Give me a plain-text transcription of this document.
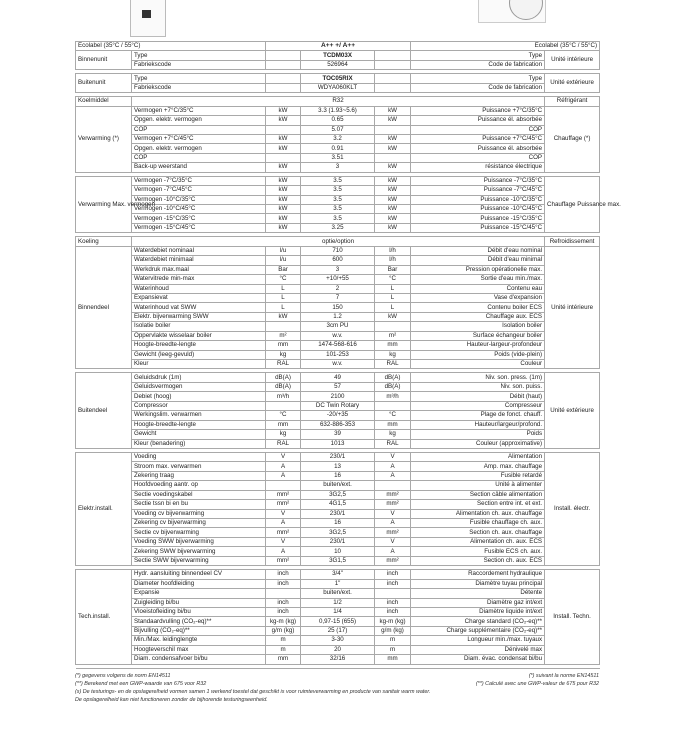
Ecolabel (35°C / 55°C)		A++ +/ A++			Ecolabel (35°C / 55°C)	
Binnenunit	Type		TCDM03X		Type	Unité intérieure
	Fabriekscode		526964		Code de fabrication	

Buitenunit	Type		TOC05RIX		Type	Unité extérieure
	Fabriekscode		WDYA060KLT		Code de fabrication	

Koelmiddel	R32					Réfrigérant
Verwarming (*)	Vermogen +7°C/35°C	kW	3.3 (1.93~5.6)	kW	Puissance +7°C/35°C	Chauffage (*)
	Opgen. elektr. vermogen	kW	0.65	kW	Puissance él. absorbée	
	COP		5.07		COP	
	Vermogen +7°C/45°C	kW	3.2	kW	Puissance +7°C/45°C	
	Opgen. elektr. vermogen	kW	0.91	kW	Puissance él. absorbée	
	COP		3.51		COP	
	Back-up weerstand	kW	3	kW	résistance électrique	

Verwarming Max. vermogen	Vermogen -7°C/35°C	kW	3.5	kW	Puissance -7°C/35°C	Chauffage Puissance max.
	Vermogen -7°C/45°C	kW	3.5	kW	Puissance -7°C/45°C	
	Vermogen -10°C/35°C	kW	3.5	kW	Puissance -10°C/35°C	
	Vermogen -10°C/45°C	kW	3.5	kW	Puissance -10°C/45°C	
	Vermogen -15°C/35°C	kW	3.5	kW	Puissance -15°C/35°C	
	Vermogen -15°C/45°C	kW	3.25	kW	Puissance -15°C/45°C	

Koeling	optie/option					Refroidissement
Binnendeel	Waterdebiet nominaal	l/u	710	l/h	Débit d'eau nominal	Unité intérieure
	Waterdebiet minimaal	l/u	600	l/h	Débit d'eau minimal	
	Werkdruk max.maal	Bar	3	Bar	Pression opérationelle max.	
	Watervitrede min-max	°C	+10/+55	°C	Sortie d'eau min./max.	
	Waterinhoud	L	2	L	Contenu eau	
	Expansievat	L	7	L	Vase d'expansion	
	Waterinhoud vat SWW	L	150	L	Contenu boiler ECS	
	Elektr. bijverwarming SWW	kW	1.2	kW	Chauffage aux. ECS	
	Isolatie boiler		3cm PU		Isolation boiler	
	Oppervlakte wisselaar boiler	m²	w.v.	m²	Surface échangeur boiler	
	Hoogte-breedte-lengte	mm	1474-568-616	mm	Hauteur-largeur-profondeur	
	Gewicht (leeg-gevuld)	kg	101-253	kg	Poids (vide-plein)	
	Kleur	RAL	w.v.	RAL	Couleur	

Buitendeel	Geluidsdruk (1m)	dB(A)	49	dB(A)	Niv. son. press. (1m)	Unité extérieure
	Geluidsvermogen	dB(A)	57	dB(A)	Niv. son. puiss.	
	Debiet (hoog)	m³/h	2100	m³/h	Débit (haut)	
	Compressor		DC Twin Rotary		Compresseur	
	Werkingslim. verwarmen	°C	-20/+35	°C	Plage de fonct. chauff.	
	Hoogte-breedte-lengte	mm	632-886-353	mm	Hauteur/largeur/profond.	
	Gewicht	kg	39	kg	Poids	
	Kleur (benadering)	RAL	1013	RAL	Couleur (approximative)	

Elektr.install.	Voeding	V	230/1	V	Alimentation	Install. électr.
	Stroom max. verwarmen	A	13	A	Amp. max. chauffage	
	Zekering traag	A	16	A	Fusible retardé	
	Hoofdvoeding aantr. op		buiten/ext.		Unité à alimenter	
	Sectie voedingskabel	mm²	3G2,5	mm²	Section câble alimentation	
	Sectie tssn bi en bu	mm²	4G1,5	mm²	Section entre int. et ext.	
	Voeding cv bijverwarming	V	230/1	V	Alimentation ch. aux. chauffage	
	Zekering cv bijverwarming	A	16	A	Fusible chauffage ch. aux.	
	Sectie cv bijverwarming	mm²	3G2,5	mm²	Section ch. aux. chauffage	
	Voeding SWW bijverwarming	V	230/1	V	Alimentation ch. aux. ECS	
	Zekering SWW bijverwarming	A	10	A	Fusible ECS ch. aux.	
	Sectie SWW bijverwarming	mm²	3G1,5	mm²	Section ch. aux. ECS	

Tech.install.	Hydr. aansluiting binnendeel CV	inch	3/4"	inch	Raccordement hydraulique	Install. Techn.
	Diameter hoofdleiding	inch	1"	inch	Diamètre tuyau principal	
	Expansie		buiten/ext.		Détente	
	Zuigleiding bi/bu	inch	1/2	inch	Diamètre gaz int/ext	
	Vloeistofleiding bi/bu	inch	1/4	inch	Diamètre liquide int/ext	
	Standaardvulling (CO₂-eq)**	kg-m (kg)	0,97-15 (655)	kg-m (kg)	Charge standard (CO₂-eq)**	
	Bijvulling (CO₂-eq)**	g/m (kg)	25 (17)	g/m (kg)	Charge supplémentaire (CO₂-eq)**	
	Min./Max. leidinglengte	m	3-30	m	Longueur min./max. tuyaux	
	Hoogteverschil max	m	20	m	Dénivelé max	
	Diam. condensafvoer bi/bu	mm	32/16	mm	Diam. évac. condensat bi/bu	

(*) gegevens volgens de norm EN14511	(*) suivant la norme EN14511
(**) Berekend met een GWP-waarde van 675 voor R32	(**) Calculé avec une GWP-valeur de 675 pour R32
(s) De testurings- en de opslagerelheid vormen samen 1 werkend toestel dat geschikt is voor ruimteverwarming en producte van sanitair warm water.
De opslagerelheid kan niet functioneren zonder de bijhorende testuringseenheid.
